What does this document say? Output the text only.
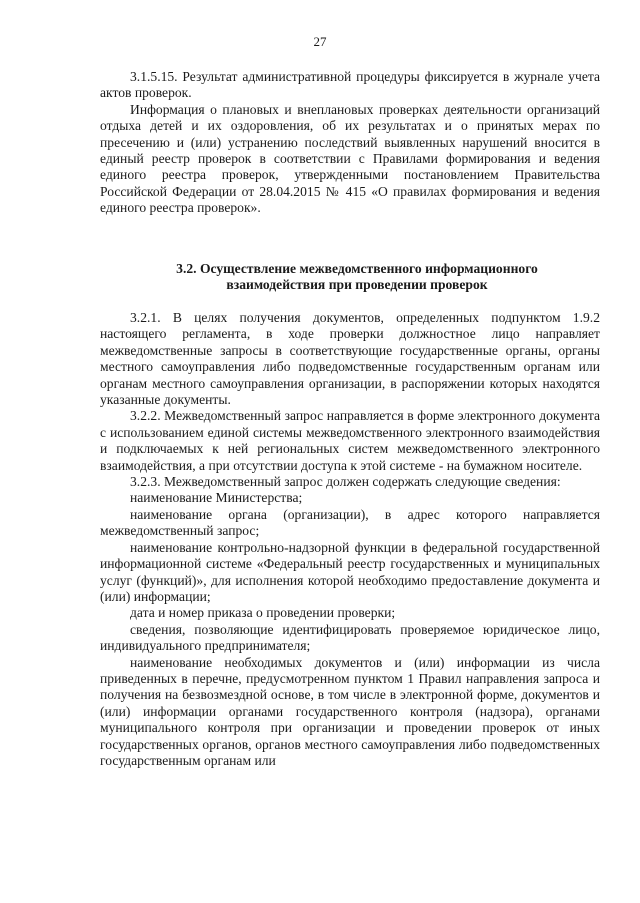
27

3.1.5.15. Результат административной процедуры фиксируется в журнале учета актов проверок.

Информация о плановых и внеплановых проверках деятельности организаций отдыха детей и их оздоровления, об их результатах и о принятых мерах по пресечению и (или) устранению последствий выявленных нарушений вносится в единый реестр проверок в соответствии с Правилами формирования и ведения единого реестра проверок, утвержденными постановлением Правительства Российской Федерации от 28.04.2015 № 415 «О правилах формирования и ведения единого реестра проверок».

3.2. Осуществление межведомственного информационного
взаимодействия при проведении проверок

3.2.1. В целях получения документов, определенных подпунктом 1.9.2 настоящего регламента, в ходе проверки должностное лицо направляет межведомственные запросы в соответствующие государственные органы, органы местного самоуправления либо подведомственные государственным органам или органам местного самоуправления организации, в распоряжении которых находятся указанные документы.

3.2.2. Межведомственный запрос направляется в форме электронного документа с использованием единой системы межведомственного электронного взаимодействия и подключаемых к ней региональных систем межведомственного электронного взаимодействия, а при отсутствии доступа к этой системе - на бумажном носителе.

3.2.3. Межведомственный запрос должен содержать следующие сведения:

наименование Министерства;

наименование органа (организации), в адрес которого направляется межведомственный запрос;

наименование контрольно-надзорной функции в федеральной государственной информационной системе «Федеральный реестр государственных и муниципальных услуг (функций)», для исполнения которой необходимо предоставление документа и (или) информации;

дата и номер приказа о проведении проверки;

сведения, позволяющие идентифицировать проверяемое юридическое лицо, индивидуального предпринимателя;

наименование необходимых документов и (или) информации из числа приведенных в перечне, предусмотренном пунктом 1 Правил направления запроса и получения на безвозмездной основе, в том числе в электронной форме, документов и (или) информации органами государственного контроля (надзора), органами муниципального контроля при организации и проведении проверок от иных государственных органов, органов местного самоуправления либо подведомственных государственным органам или
